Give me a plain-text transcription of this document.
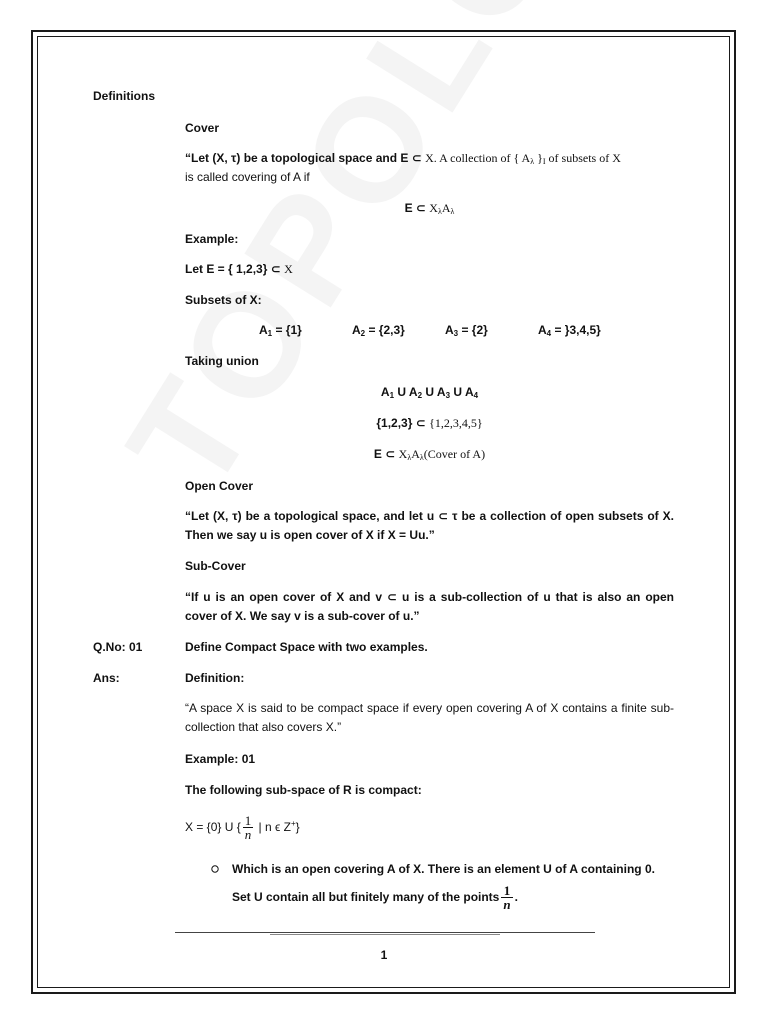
Definitions
Cover
“Let (X, τ) be a topological space and E ⊂ X. A collection of { $A_\lambda$ }$_I$ of subsets of X
is called covering of A if
E ⊂ $X_\lambda A_\lambda$
Example:
Let E = { 1,2,3} ⊂ X
Subsets of X:
$A_1 = \{1\}$	$A_2 = \{2,3\}$	$A_3 = \{2\}$	$A_4 = \}3,4,5$}
Taking union
$A_1$ U $A_2$ U $A_3$ U $A_4$
{1,2,3} ⊂ {1,2,3,4,5}
E ⊂ $X_\lambda A_\lambda(Cover$ of A)
Open Cover
“Let (X, τ) be a topological space, and let u ⊂ τ be a collection of open subsets of X. Then we say u is open cover of X if X = Uu.”
Sub-Cover
“If u is an open cover of X and v ⊂ u is a sub-collection of u that is also an open cover of X. We say v is a sub-cover of u.”
Q.No: 01	Define Compact Space with two examples.
Ans:	Definition:
“A space X is said to be compact space if every open covering A of X contains a finite sub-collection that also covers X.”
Example: 01
The following sub-space of R is compact:
X = {0} U { $\frac{1}{n}$ | n ϵ Z+}
Which is an open covering A of X. There is an element U of A containing 0.
Set U contain all but finitely many of the points $\frac{1}{n}$ .
1
